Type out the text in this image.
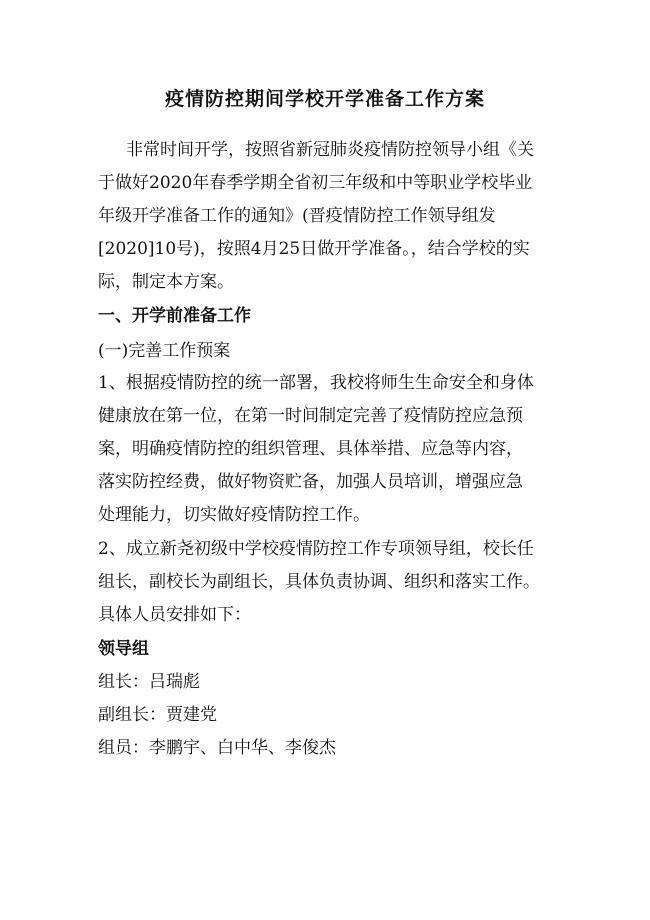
疫情防控期间学校开学准备工作方案
非常时间开学，按照省新冠肺炎疫情防控领导小组《关
于做好2020年春季学期全省初三年级和中等职业学校毕业
年级开学准备工作的通知》(晋疫情防控工作领导组发
[2020]10号)，按照4月25日做开学准备。，结合学校的实
际，制定本方案。
一、开学前准备工作
(一)完善工作预案
1、根据疫情防控的统一部署，我校将师生生命安全和身体
健康放在第一位，在第一时间制定完善了疫情防控应急预
案，明确疫情防控的组织管理、具体举措、应急等内容，
落实防控经费，做好物资贮备，加强人员培训，增强应急
处理能力，切实做好疫情防控工作。
2、成立新尧初级中学校疫情防控工作专项领导组，校长任
组长，副校长为副组长，具体负责协调、组织和落实工作。
具体人员安排如下：
领导组
组长：吕瑞彪
副组长：贾建党
组员：李鹏宇、白中华、李俊杰
